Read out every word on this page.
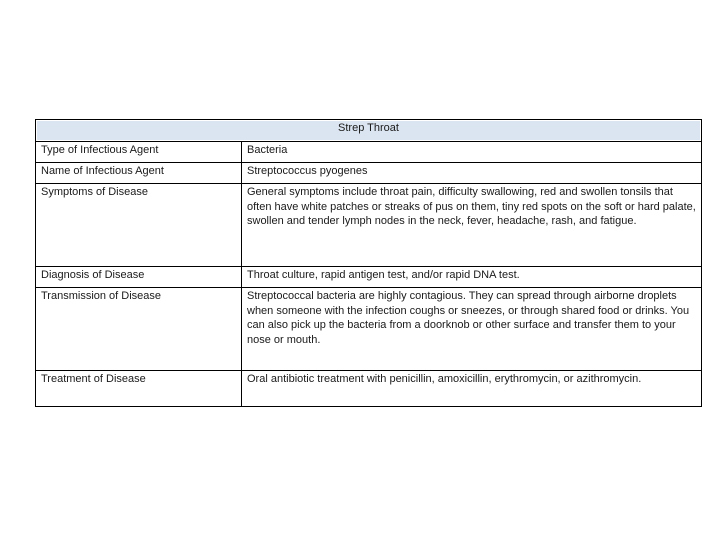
Strep Throat	
Type of Infectious Agent	Bacteria
Name of Infectious Agent	Streptococcus pyogenes
Symptoms of Disease	General symptoms include throat pain, difficulty swallowing, red and swollen tonsils that often have white patches or streaks of pus on them, tiny red spots on the soft or hard palate, swollen and tender lymph nodes in the neck, fever, headache, rash, and fatigue.
Diagnosis of Disease	Throat culture, rapid antigen test, and/or rapid DNA test.
Transmission of Disease	Streptococcal bacteria are highly contagious. They can spread through airborne droplets when someone with the infection coughs or sneezes, or through shared food or drinks. You can also pick up the bacteria from a doorknob or other surface and transfer them to your nose or mouth.
Treatment of Disease	Oral antibiotic treatment with penicillin, amoxicillin, erythromycin, or azithromycin.
